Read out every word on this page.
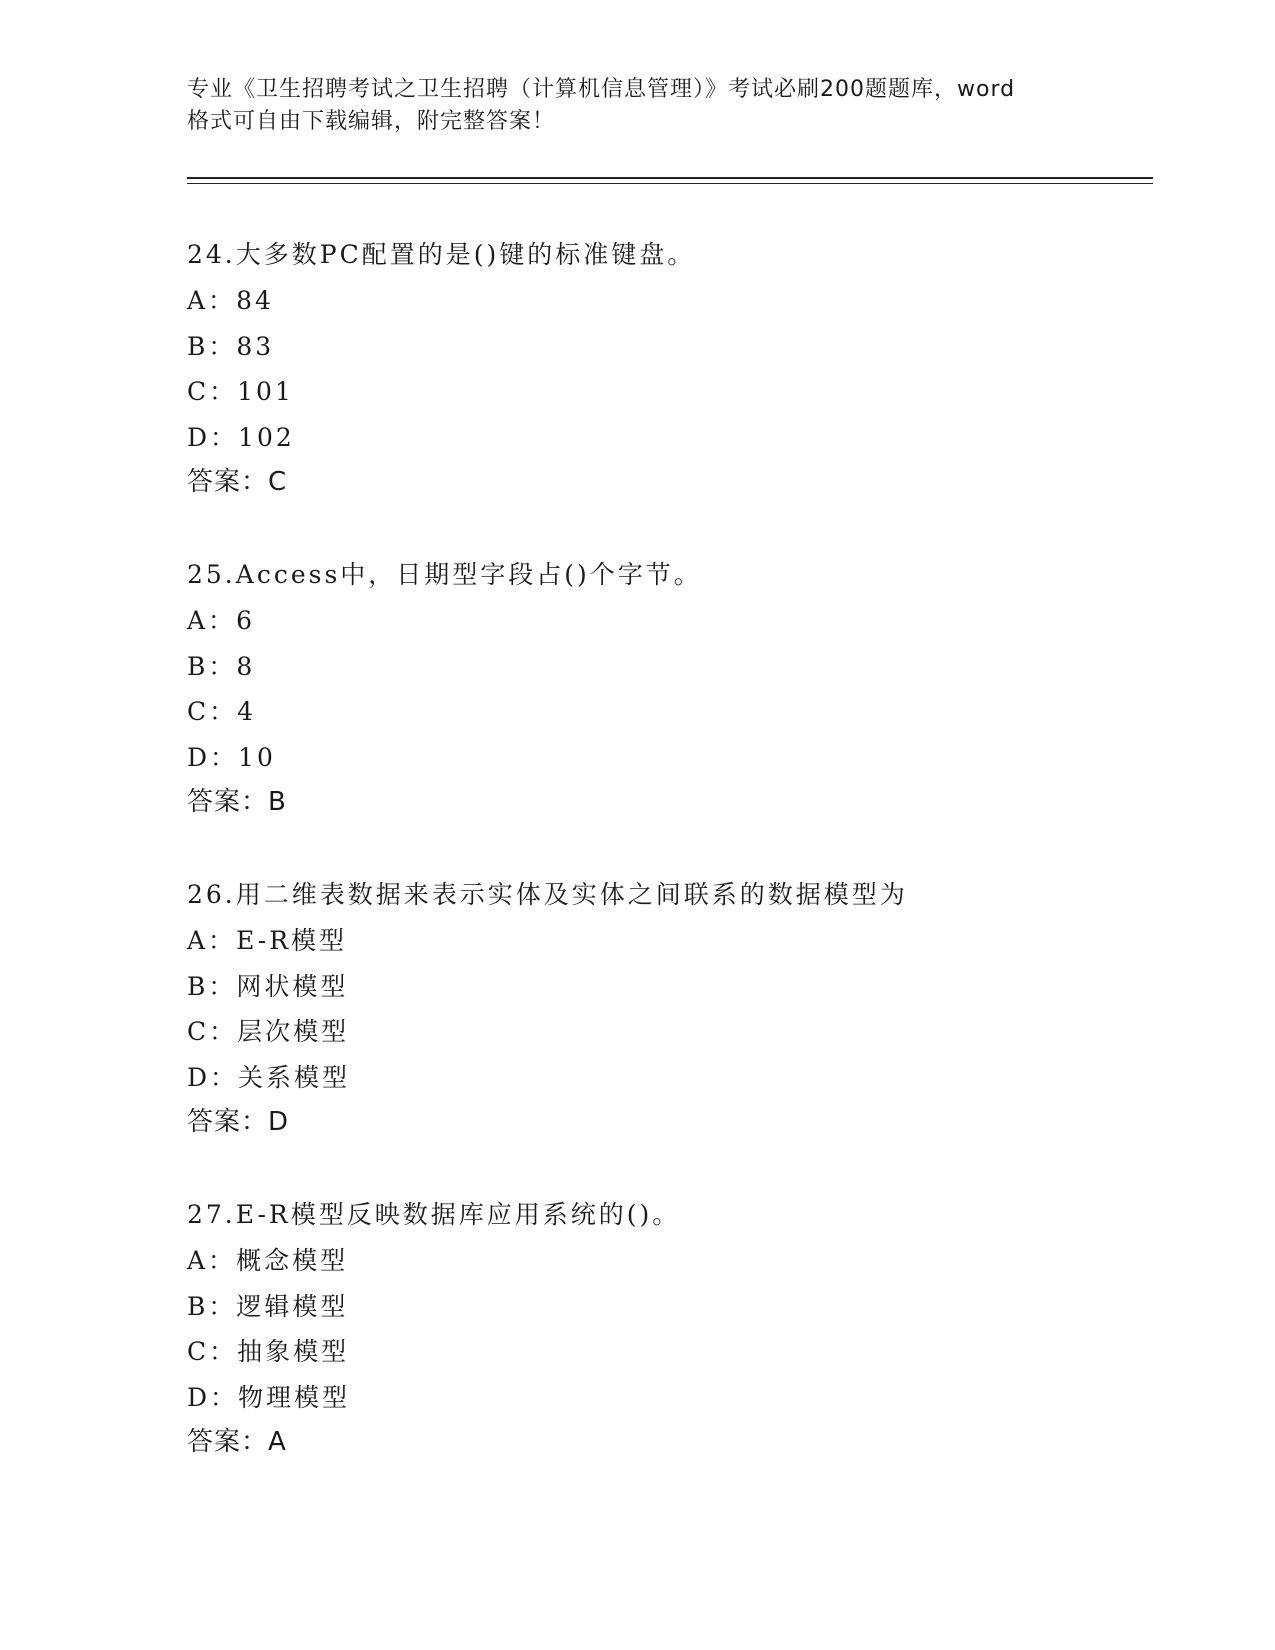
专业《卫生招聘考试之卫生招聘（计算机信息管理）》考试必刷200题题库，word
格式可自由下载编辑，附完整答案！
24.大多数PC配置的是()键的标准键盘。
A：84
B：83
C：101
D：102
答案：C
25.Access中，日期型字段占()个字节。
A：6
B：8
C：4
D：10
答案：B
26.用二维表数据来表示实体及实体之间联系的数据模型为
A：E-R模型
B：网状模型
C：层次模型
D：关系模型
答案：D
27.E-R模型反映数据库应用系统的()。
A：概念模型
B：逻辑模型
C：抽象模型
D：物理模型
答案：A
